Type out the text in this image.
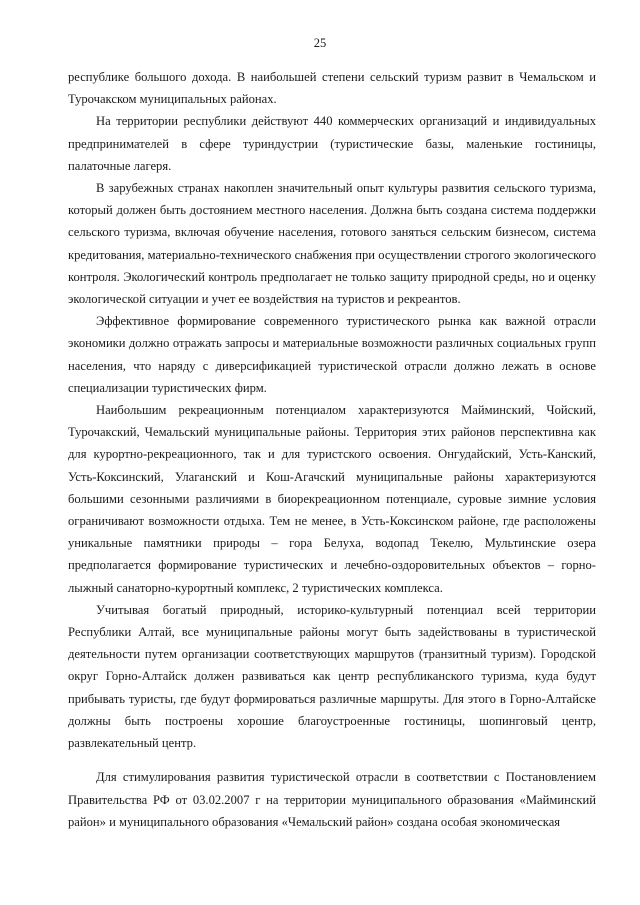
25

республике большого дохода. В наибольшей степени сельский туризм развит в Чемальском и Турочакском муниципальных районах.

На территории республики действуют 440 коммерческих организаций и индивидуальных предпринимателей в сфере туриндустрии (туристические базы, маленькие гостиницы, палаточные лагеря.

В зарубежных странах накоплен значительный опыт культуры развития сельского туризма, который должен быть достоянием местного населения. Должна быть создана система поддержки сельского туризма, включая обучение населения, готового заняться сельским бизнесом, система кредитования, материально-технического снабжения при осуществлении строгого экологического контроля. Экологический контроль предполагает не только защиту природной среды, но и оценку экологической ситуации и учет ее воздействия на туристов и рекреантов.

Эффективное формирование современного туристического рынка как важной отрасли экономики должно отражать запросы и материальные возможности различных социальных групп населения, что наряду с диверсификацией туристической отрасли должно лежать в основе специализации туристических фирм.

Наибольшим рекреационным потенциалом характеризуются Майминский, Чойский, Турочакский, Чемальский муниципальные районы. Территория этих районов перспективна как для курортно-рекреационного, так и для туристского освоения. Онгудайский, Усть-Канский, Усть-Коксинский, Улаганский и Кош-Агачский муниципальные районы характеризуются большими сезонными различиями в биорекреационном потенциале, суровые зимние условия ограничивают возможности отдыха. Тем не менее, в Усть-Коксинском районе, где расположены уникальные памятники природы – гора Белуха, водопад Текелю, Мультинские озера предполагается формирование туристических и лечебно-оздоровительных объектов – горно-лыжный санаторно-курортный комплекс, 2 туристических комплекса.

Учитывая богатый природный, историко-культурный потенциал всей территории Республики Алтай, все муниципальные районы могут быть задействованы в туристической деятельности путем организации соответствующих маршрутов (транзитный туризм). Городской округ Горно-Алтайск должен развиваться как центр республиканского туризма, куда будут прибывать туристы, где будут формироваться различные маршруты. Для этого в Горно-Алтайске должны быть построены хорошие благоустроенные гостиницы, шопинговый центр, развлекательный центр.

Для стимулирования развития туристической отрасли в соответствии с Постановлением Правительства РФ от 03.02.2007 г на территории муниципального образования «Майминский район» и муниципального образования «Чемальский район» создана особая экономическая
